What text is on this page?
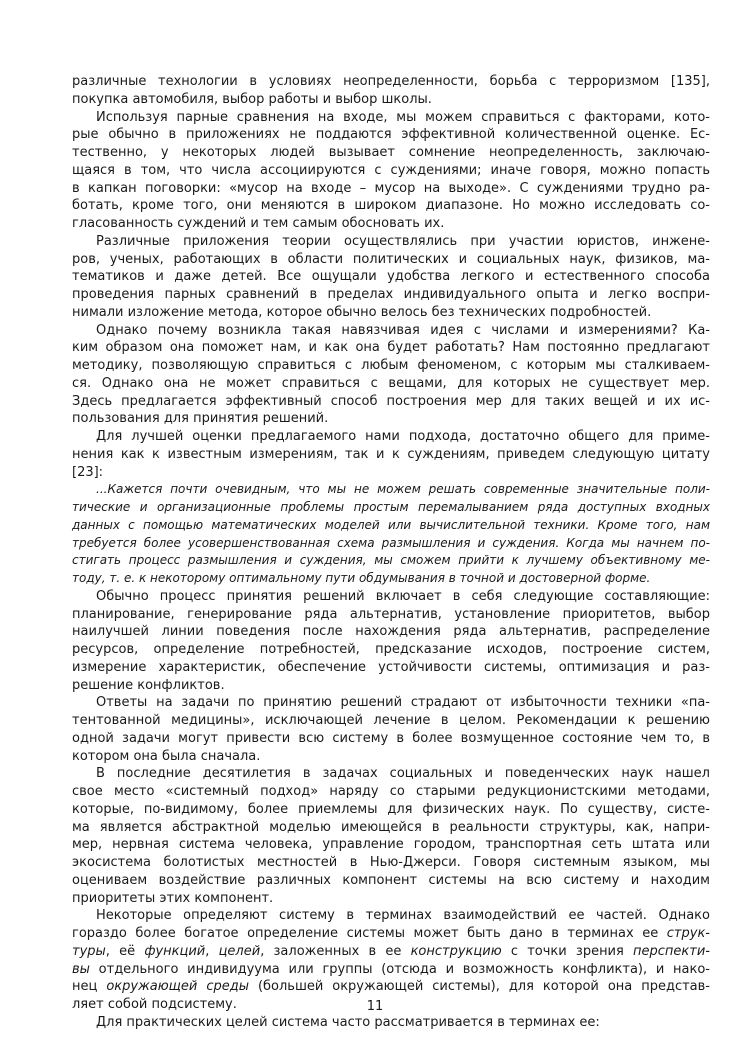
различные технологии в условиях неопределенности, борьба с терроризмом [135],
покупка автомобиля, выбор работы и выбор школы.
Используя парные сравнения на входе, мы можем справиться с факторами, кото-
рые обычно в приложениях не поддаются эффективной количественной оценке. Ес-
тественно, у некоторых людей вызывает сомнение неопределенность, заключаю-
щаяся в том, что числа ассоциируются с суждениями; иначе говоря, можно попасть
в капкан поговорки: «мусор на входе – мусор на выходе». С суждениями трудно ра-
ботать, кроме того, они меняются в широком диапазоне. Но можно исследовать со-
гласованность суждений и тем самым обосновать их.
Различные приложения теории осуществлялись при участии юристов, инжене-
ров, ученых, работающих в области политических и социальных наук, физиков, ма-
тематиков и даже детей. Все ощущали удобства легкого и естественного способа
проведения парных сравнений в пределах индивидуального опыта и легко воспри-
нимали изложение метода, которое обычно велось без технических подробностей.
Однако почему возникла такая навязчивая идея с числами и измерениями? Ка-
ким образом она поможет нам, и как она будет работать? Нам постоянно предлагают
методику, позволяющую справиться с любым феноменом, с которым мы сталкиваем-
ся. Однако она не может справиться с вещами, для которых не существует мер.
Здесь предлагается эффективный способ построения мер для таких вещей и их ис-
пользования для принятия решений.
Для лучшей оценки предлагаемого нами подхода, достаточно общего для приме-
нения как к известным измерениям, так и к суждениям, приведем следующую цитату
[23]:
...Кажется почти очевидным, что мы не можем решать современные значительные поли-
тические и организационные проблемы простым перемалыванием ряда доступных входных
данных с помощью математических моделей или вычислительной техники. Кроме того, нам
требуется более усовершенствованная схема размышления и суждения. Когда мы начнем по-
стигать процесс размышления и суждения, мы сможем прийти к лучшему объективному ме-
тоду, т. е. к некоторому оптимальному пути обдумывания в точной и достоверной форме.
Обычно процесс принятия решений включает в себя следующие составляющие:
планирование, генерирование ряда альтернатив, установление приоритетов, выбор
наилучшей линии поведения после нахождения ряда альтернатив, распределение
ресурсов, определение потребностей, предсказание исходов, построение систем,
измерение характеристик, обеспечение устойчивости системы, оптимизация и раз-
решение конфликтов.
Ответы на задачи по принятию решений страдают от избыточности техники «па-
тентованной медицины», исключающей лечение в целом. Рекомендации к решению
одной задачи могут привести всю систему в более возмущенное состояние чем то, в
котором она была сначала.
В последние десятилетия в задачах социальных и поведенческих наук нашел
свое место «системный подход» наряду со старыми редукционистскими методами,
которые, по-видимому, более приемлемы для физических наук. По существу, систе-
ма является абстрактной моделью имеющейся в реальности структуры, как, напри-
мер, нервная система человека, управление городом, транспортная сеть штата или
экосистема болотистых местностей в Нью-Джерси. Говоря системным языком, мы
оцениваем воздействие различных компонент системы на всю систему и находим
приоритеты этих компонент.
Некоторые определяют систему в терминах взаимодействий ее частей. Однако
гораздо более богатое определение системы может быть дано в терминах ее струк-
туры, её функций, целей, заложенных в ее конструкцию с точки зрения перспекти-
вы отдельного индивидуума или группы (отсюда и возможность конфликта), и нако-
нец окружающей среды (большей окружающей системы), для которой она представ-
ляет собой подсистему.
Для практических целей система часто рассматривается в терминах ее:
11
